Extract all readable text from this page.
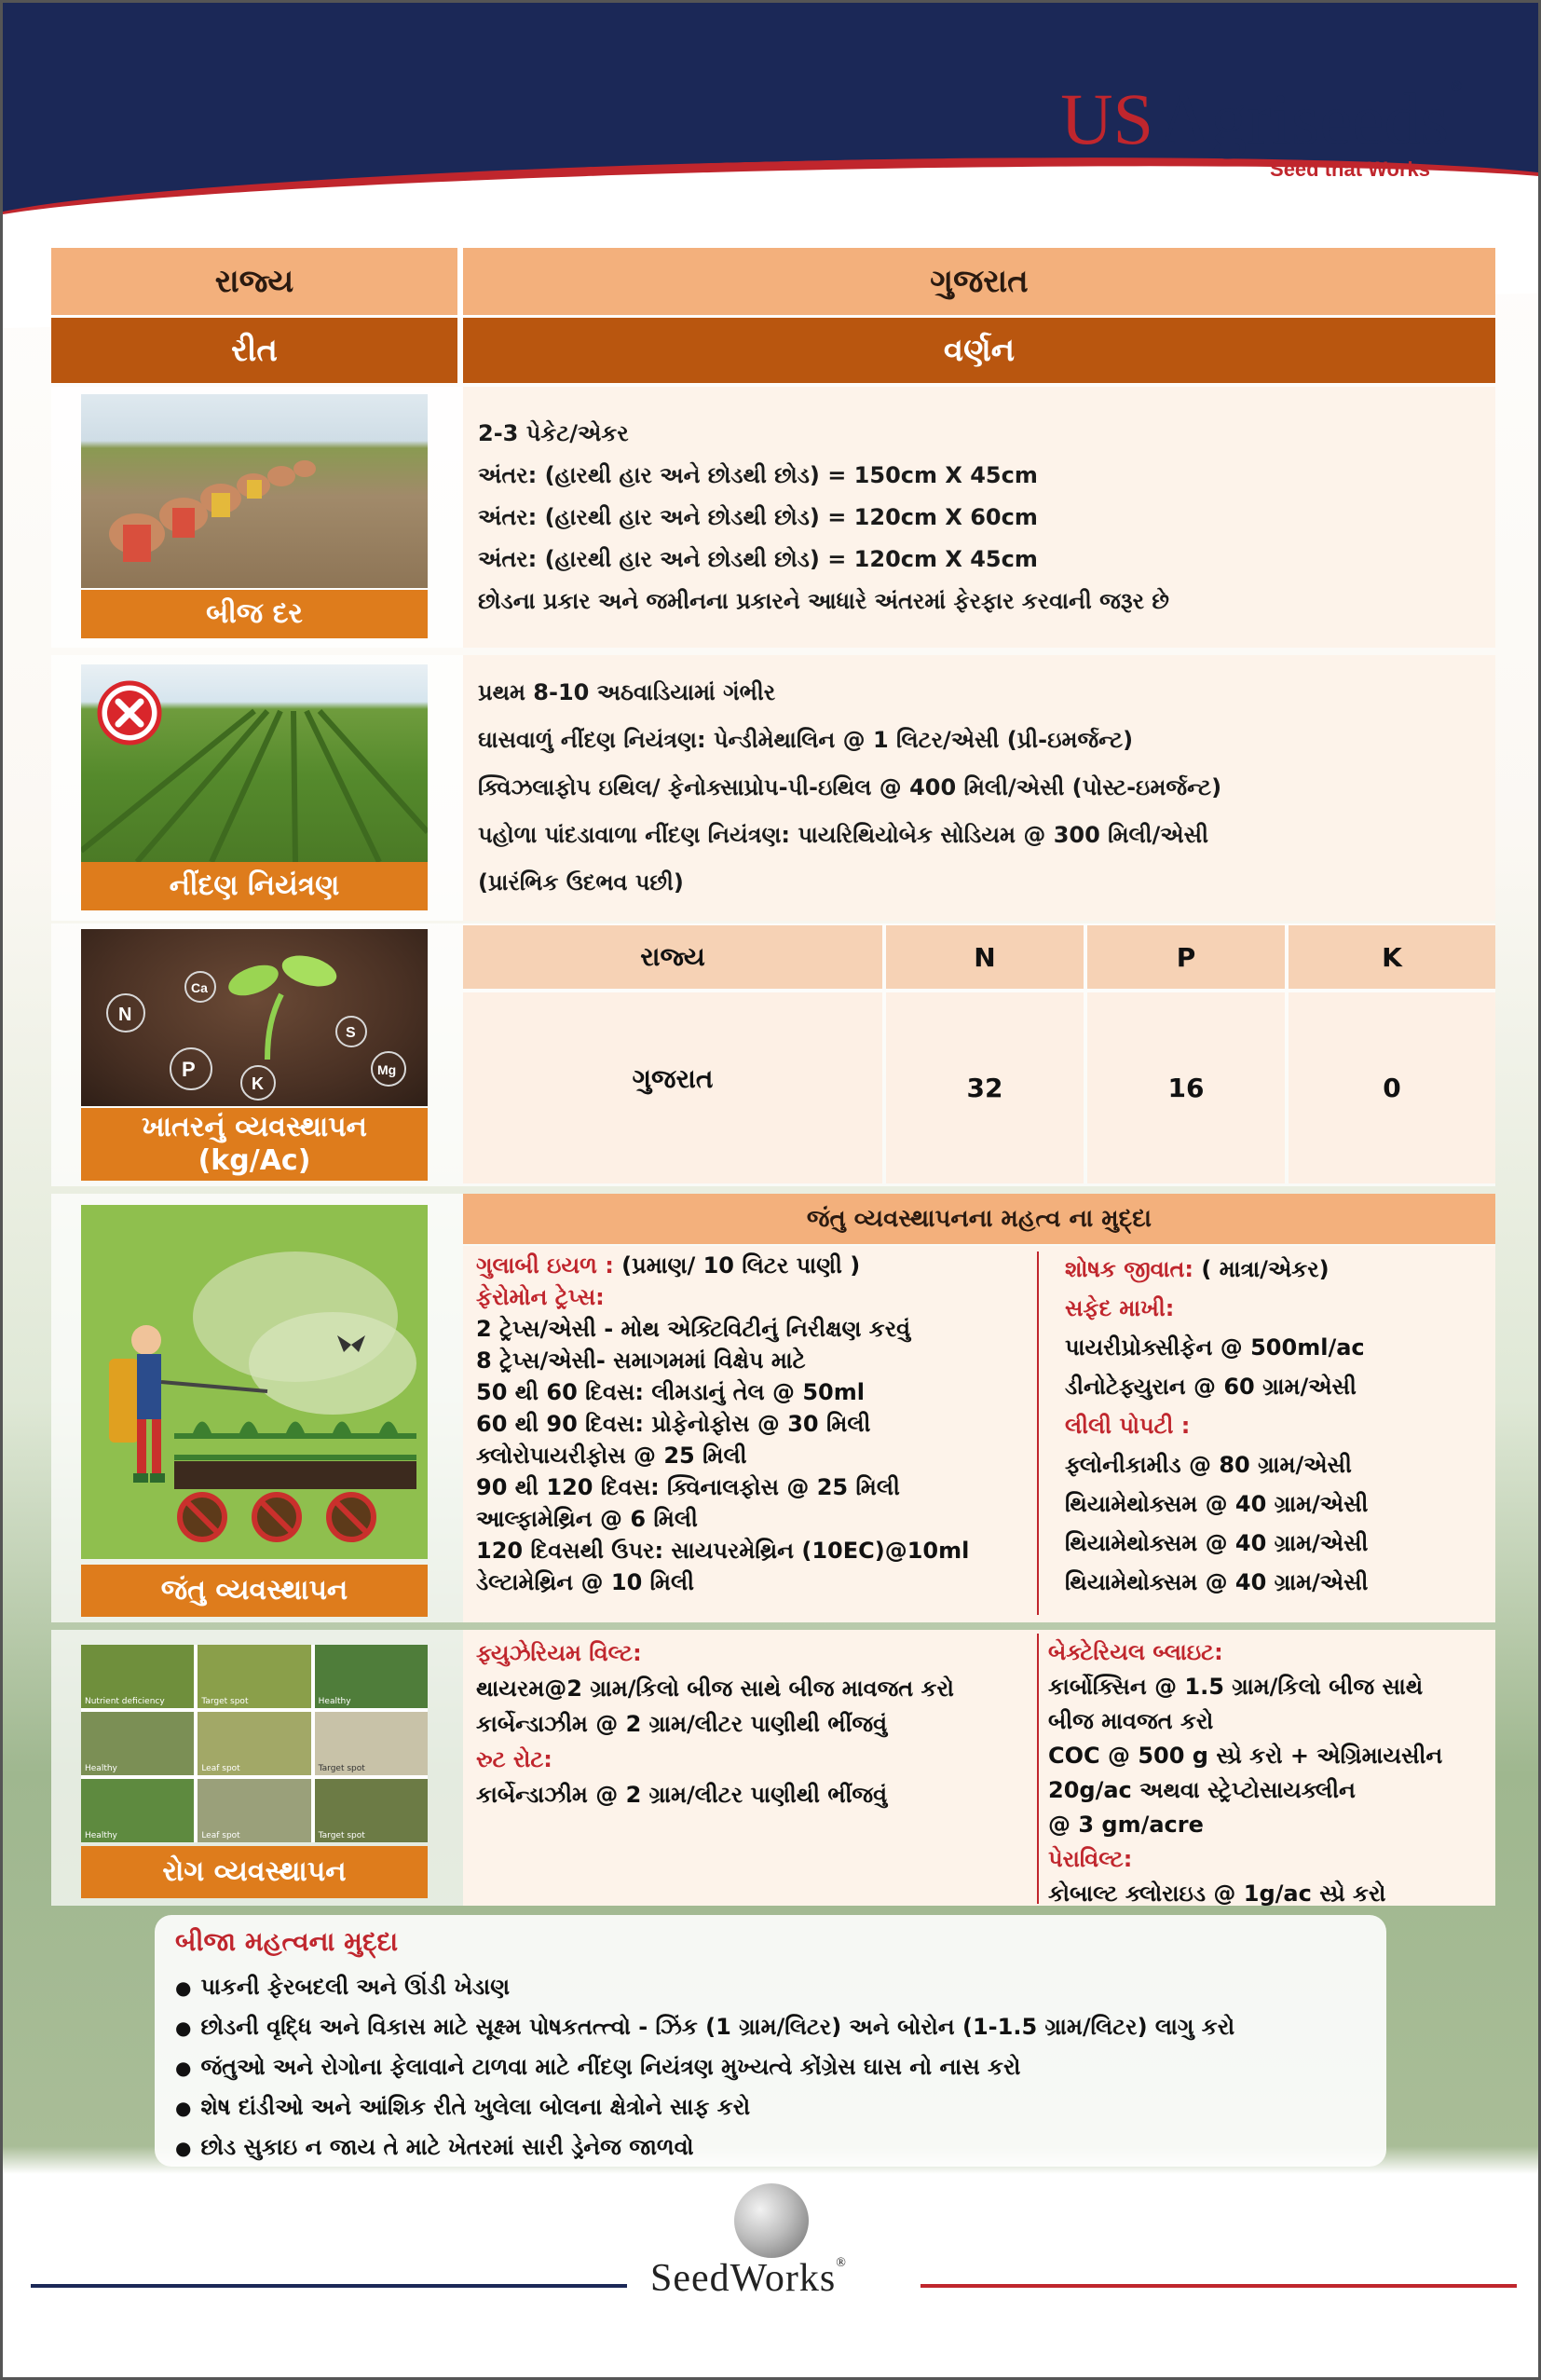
US Agriseeds®
Seed that Works
રાજ્ય	ગુજરાત
રીત	વર્ણન
બીજ દર
2-3 પેકેટ/એકર
અંતર: (હારથી હાર અને છોડથી છોડ) = 150cm X 45cm
અંતર: (હારથી હાર અને છોડથી છોડ) = 120cm X 60cm
અંતર: (હારથી હાર અને છોડથી છોડ) = 120cm X 45cm
છોડના પ્રકાર અને જમીનના પ્રકારને આધારે અંતરમાં ફેરફાર કરવાની જરૂર છે
નીંદણ નિયંત્રણ
પ્રથમ 8-10 અઠવાડિયામાં ગંભીર
ઘાસવાળું નીંદણ નિયંત્રણ: પેન્ડીમેથાલિન @ 1 લિટર/એસી (પ્રી-ઇમર્જન્ટ)
ક્વિઝલાફોપ ઇથિલ/ ફેનોક્સાપ્રોપ-પી-ઇથિલ @ 400 મિલી/એસી (પોસ્ટ-ઇમર્જન્ટ)
પહોળા પાંદડાવાળા નીંદણ નિયંત્રણ: પાયરિથિયોબેક સોડિયમ @ 300 મિલી/એસી
(પ્રારંભિક ઉદભવ પછી)
N
Ca
P
K
S
Mg
ખાતરનું વ્યવસ્થાપન
(kg/Ac)
રાજ્ય	N	P	K
ગુજરાત	32	16	0
જંતુ વ્યવસ્થાપન
જંતુ વ્યવસ્થાપનના મહત્વ ના મુદ્દા
ગુલાબી ઇયળ : (પ્રમાણ/ 10 લિટર પાણી )
ફેરોમોન ટ્રેપ્સ:
2 ટ્રેપ્સ/એસી - મોથ એક્ટિવિટીનું નિરીક્ષણ કરવું
8 ટ્રેપ્સ/એસી- સમાગમમાં વિક્ષેપ માટે
50 થી 60 દિવસ: લીમડાનું તેલ @ 50ml
60 થી 90 દિવસ: પ્રોફેનોફોસ @ 30 મિલી
ક્લોરોપાયરીફોસ @ 25 મિલી
90 થી 120 દિવસ: ક્વિનાલફોસ @ 25 મિલી
આલ્ફામેથ્રિન @ 6 મિલી
120 દિવસથી ઉપર: સાયપરમેથ્રિન (10EC)@10ml
ડેલ્ટામેથ્રિન @ 10 મિલી
શોષક જીવાત: ( માત્રા/એકર)
સફેદ માખી:
પાયરીપ્રોક્સીફેન @ 500ml/ac
ડીનોટેફ્યુરાન @ 60 ગ્રામ/એસી
લીલી પોપટી :
ફ્લોનીકામીડ @ 80 ગ્રામ/એસી
થિયામેથોક્સમ @ 40 ગ્રામ/એસી
થિયામેથોક્સમ @ 40 ગ્રામ/એસી
થિયામેથોક્સમ @ 40 ગ્રામ/એસી
Nutrient deficiency	Target spot	Healthy
Healthy	Leaf spot	Target spot
Healthy	Leaf spot	Target spot
રોગ વ્યવસ્થાપન
ફ્યુઝેરિયમ વિલ્ટ:
થાયરમ@2 ગ્રામ/કિલો બીજ સાથે બીજ માવજત કરો
કાર્બેન્ડાઝીમ @ 2 ગ્રામ/લીટર પાણીથી ભીંજવું
રુટ રોટ:
કાર્બેન્ડાઝીમ @ 2 ગ્રામ/લીટર પાણીથી ભીંજવું
બેક્ટેરિયલ બ્લાઇટ:
કાર્બોક્સિન @ 1.5 ગ્રામ/કિલો બીજ સાથે
બીજ માવજત કરો
COC @ 500 g સ્પ્રે કરો + એગ્રિમાયસીન
20g/ac અથવા સ્ટ્રેપ્ટોસાયક્લીન
@ 3 gm/acre
પેરાવિલ્ટ:
કોબાલ્ટ ક્લોરાઇડ @ 1g/ac સ્પ્રે કરો
બીજા મહત્વના મુદ્દા
● પાકની ફેરબદલી અને ઊંડી ખેડાણ
● છોડની વૃદ્ધિ અને વિકાસ માટે સૂક્ષ્મ પોષકતત્ત્વો - ઝિંક (1 ગ્રામ/લિટર) અને બોરોન (1-1.5 ગ્રામ/લિટર) લાગુ કરો
● જંતુઓ અને રોગોના ફેલાવાને ટાળવા માટે નીંદણ નિયંત્રણ મુખ્યત્વે કોંગ્રેસ ઘાસ નો નાસ કરો
● શેષ દાંડીઓ અને આંશિક રીતે ખુલેલા બોલના ક્ષેત્રોને સાફ કરો
● છોડ સુકાઇ ન જાય તે માટે ખેતરમાં સારી ડ્રેનેજ જાળવો
SeedWorks®
